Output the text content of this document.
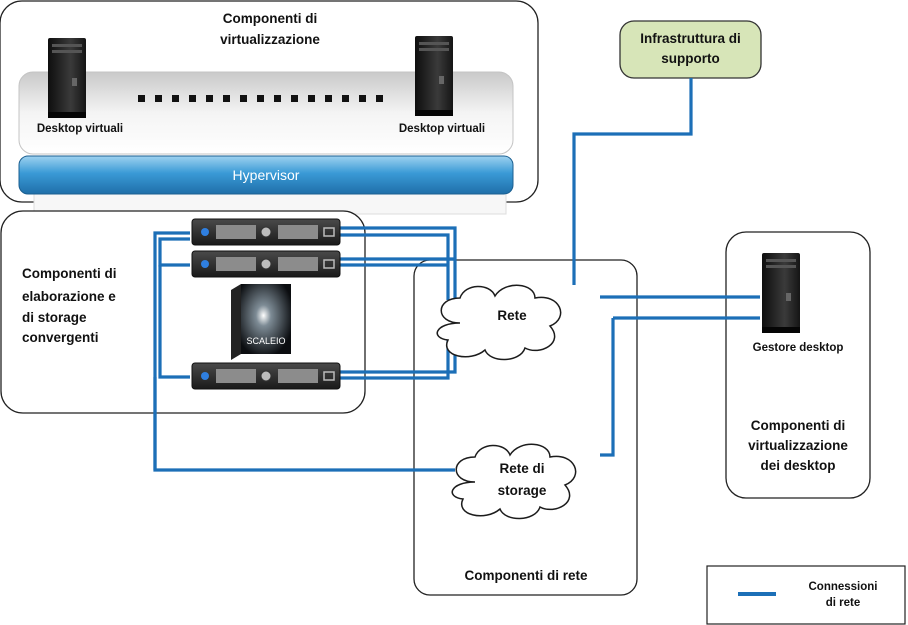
SCALEIO
Componenti di
virtualizzazione
Desktop virtuali	Desktop virtuali
Hypervisor
Componenti di
elaborazione e
di storage
convergenti
Rete
Rete di
storage
Componenti di rete
Infrastruttura di
supporto
Gestore desktop
Componenti di
virtualizzazione
dei desktop
Connessioni
di rete
